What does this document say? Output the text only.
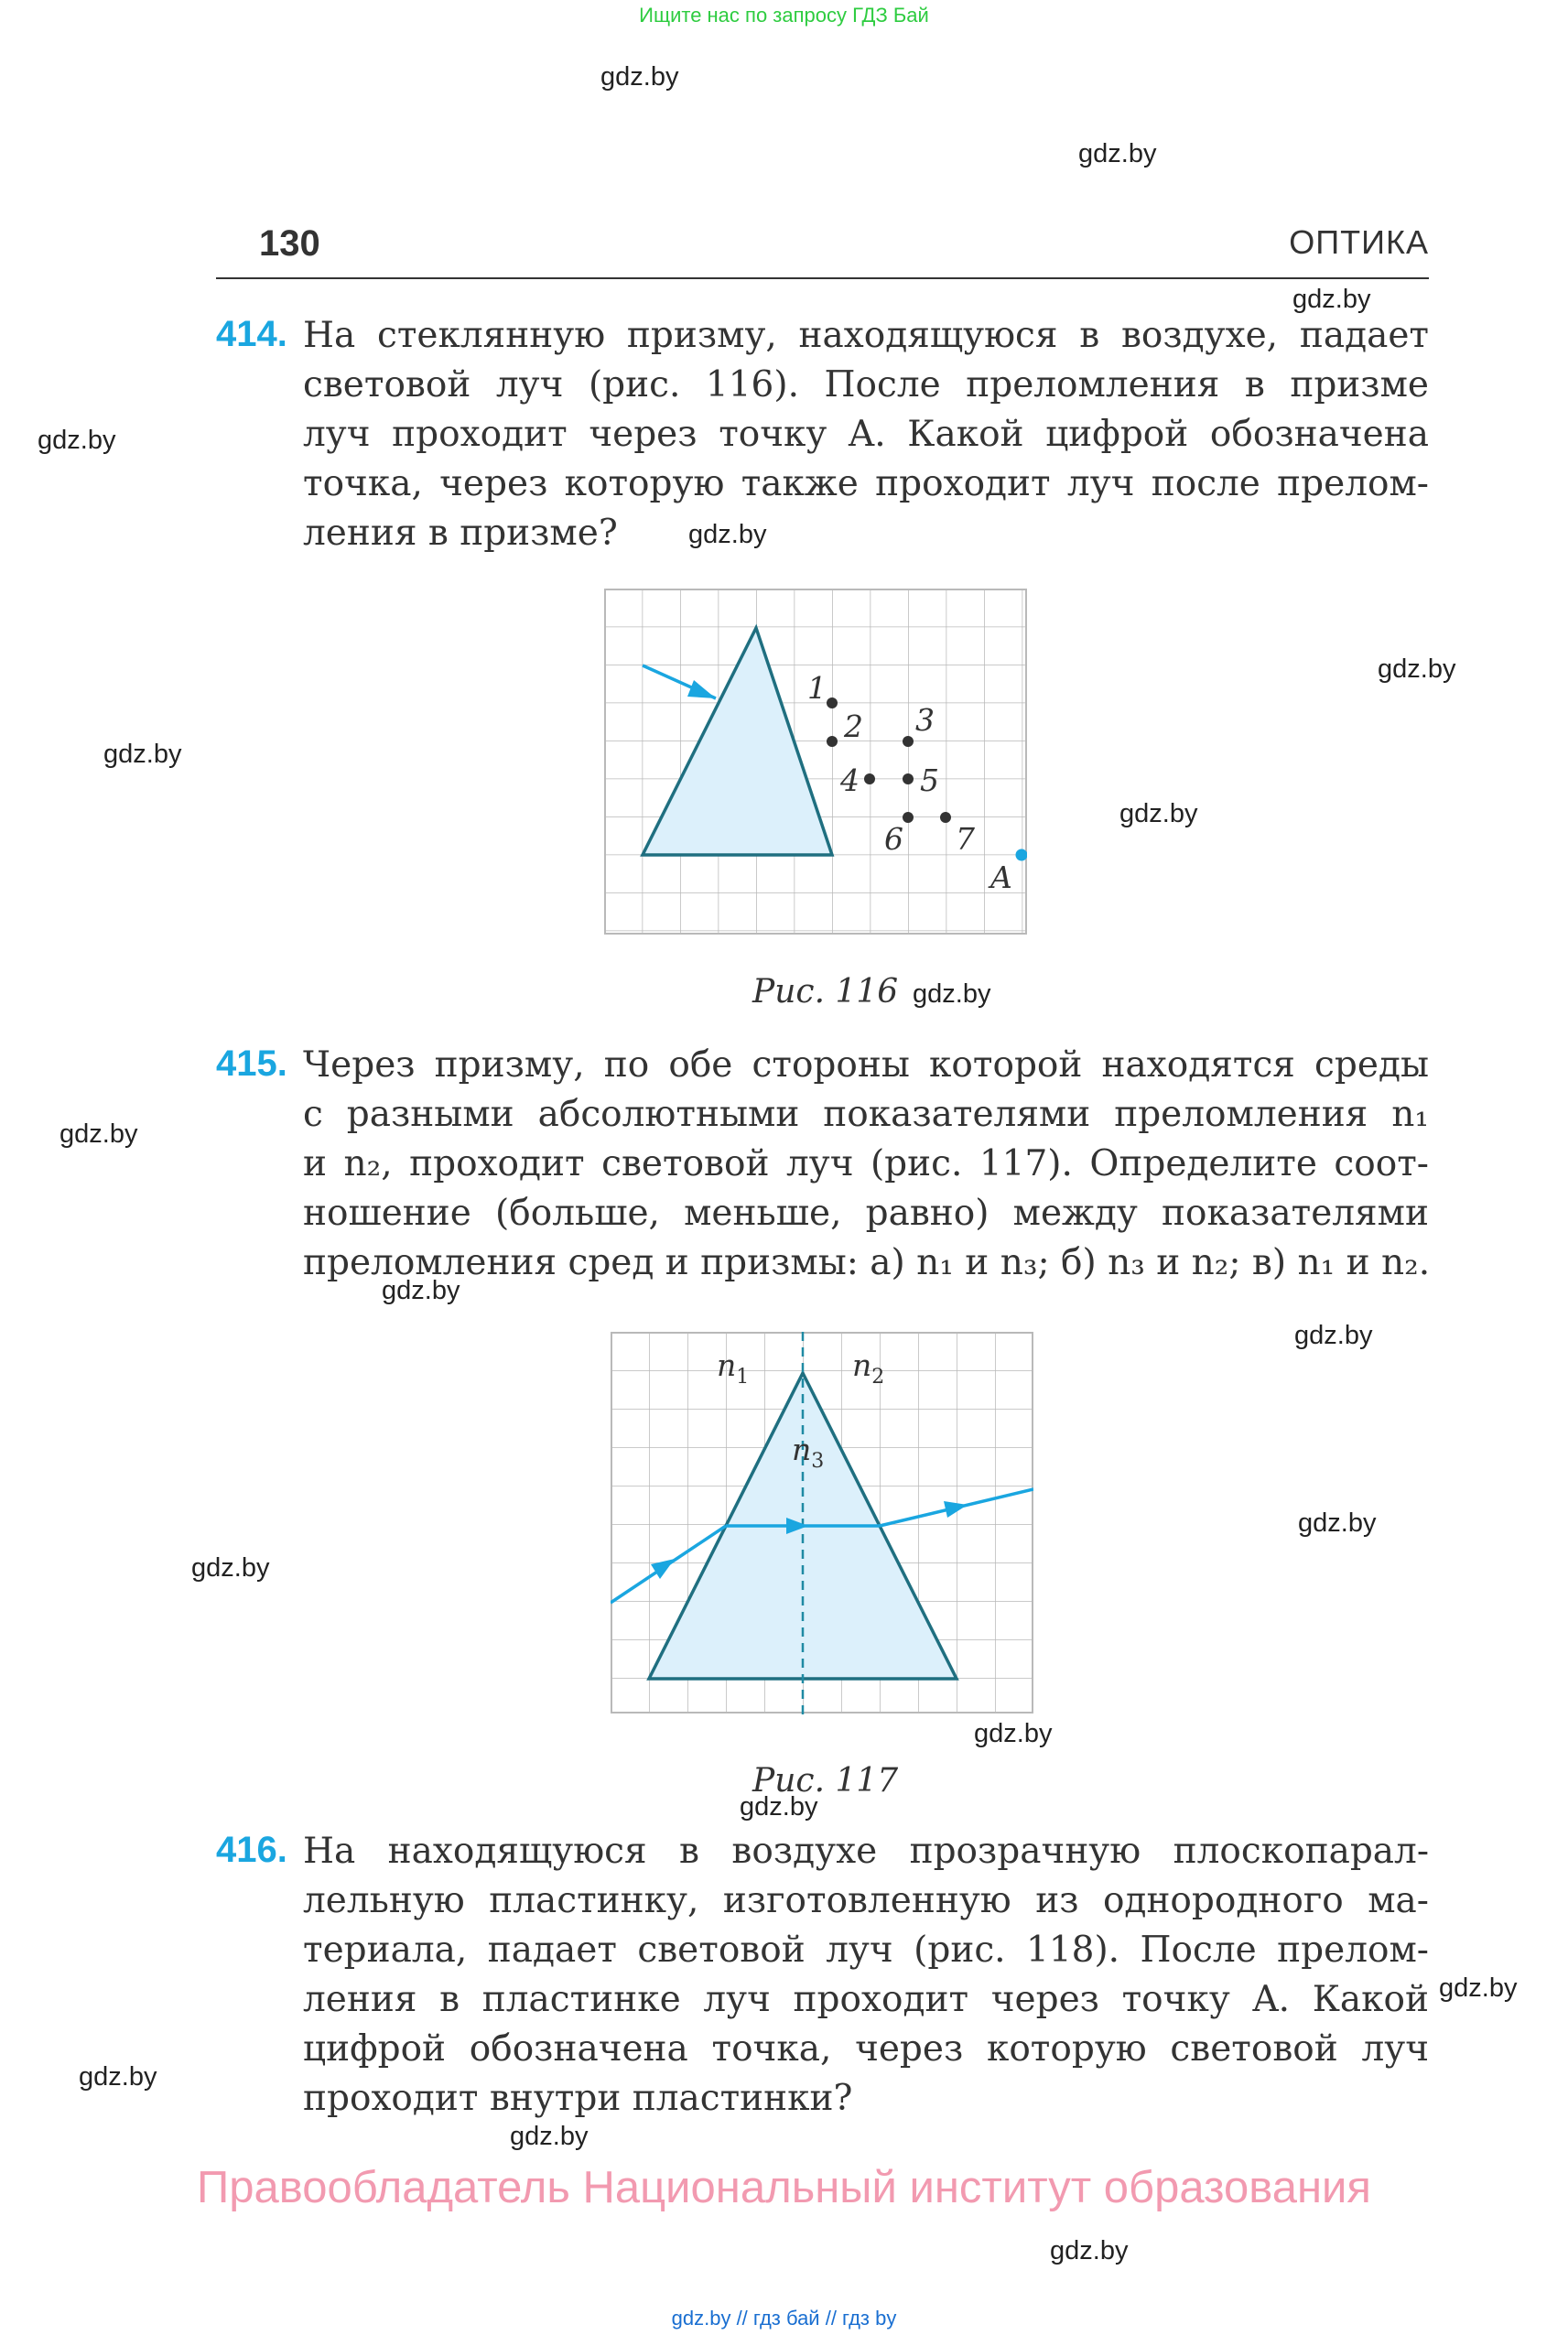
Ищите нас по запросу ГДЗ Бай
gdz.by
gdz.by
gdz.by
gdz.by
gdz.by
gdz.by
gdz.by
gdz.by
gdz.by
gdz.by
gdz.by
gdz.by
gdz.by
gdz.by
gdz.by
gdz.by
gdz.by
gdz.by
gdz.by
gdz.by
130	ОПТИКА
414. На стеклянную призму, находящуюся в воздухе, падает
световой луч (рис. 116). После преломления в призме
луч проходит через точку A. Какой цифрой обозначена
точка, через которую также проходит луч после прелом-
ления в призме?
1
2 3
4 5
6 7
A
Рис. 116
415. Через призму, по обе стороны которой находятся среды
с разными абсолютными показателями преломления n₁
и n₂, проходит световой луч (рис. 117). Определите соот-
ношение (больше, меньше, равно) между показателями
преломления сред и призмы: а) n₁ и n₃; б) n₃ и n₂; в) n₁ и n₂.
$n_1$	$n_2$
$n_3$
Рис. 117
416. На находящуюся в воздухе прозрачную плоскопарал-
лельную пластинку, изготовленную из однородного ма-
териала, падает световой луч (рис. 118). После прелом-
ления в пластинке луч проходит через точку A. Какой
цифрой обозначена точка, через которую световой луч
проходит внутри пластинки?
Правообладатель Национальный институт образования
gdz.by // гдз бай // гдз by
